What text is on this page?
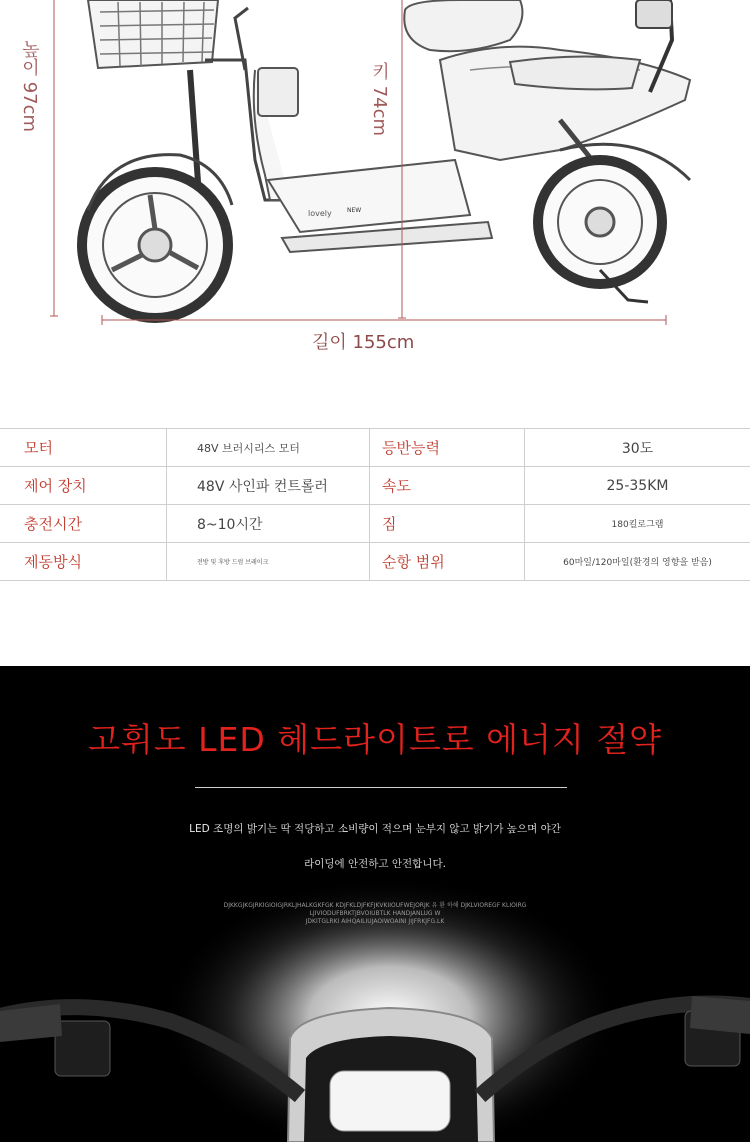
lovely	NEW
높이 97cm	키 74cm
길이 155cm
모터	48V 브러시리스 모터	등반능력	30도
제어 장치	48V 사인파 컨트롤러	속도	25-35KM
충전시간	8~10시간	짐	180킬로그램
제동방식	전방 및 후방 드럼 브레이크	순항 범위	60마일/120마일(환경의 영향을 받음)
고휘도 LED 헤드라이트로 에너지 절약
LED 조명의 밝기는 딱 적당하고 소비량이 적으며 눈부지 않고 밝기가 높으며 야간
라이딩에 안전하고 안전합니다.
DJKKGJKGJRKIGIOIGJRKLJHALKGKFGK KDJFKLDJFKFJKVKIIOUFWEJORJK 유 환 하해 DJKLVIOREGF KLIOIRG
LJIVIODUFBRKTJBVOIUBTLK HANDJANLUG W
JDKITGLRKI AIHQAILIUJAOIWOAINI JIJFRKJFG.LK
